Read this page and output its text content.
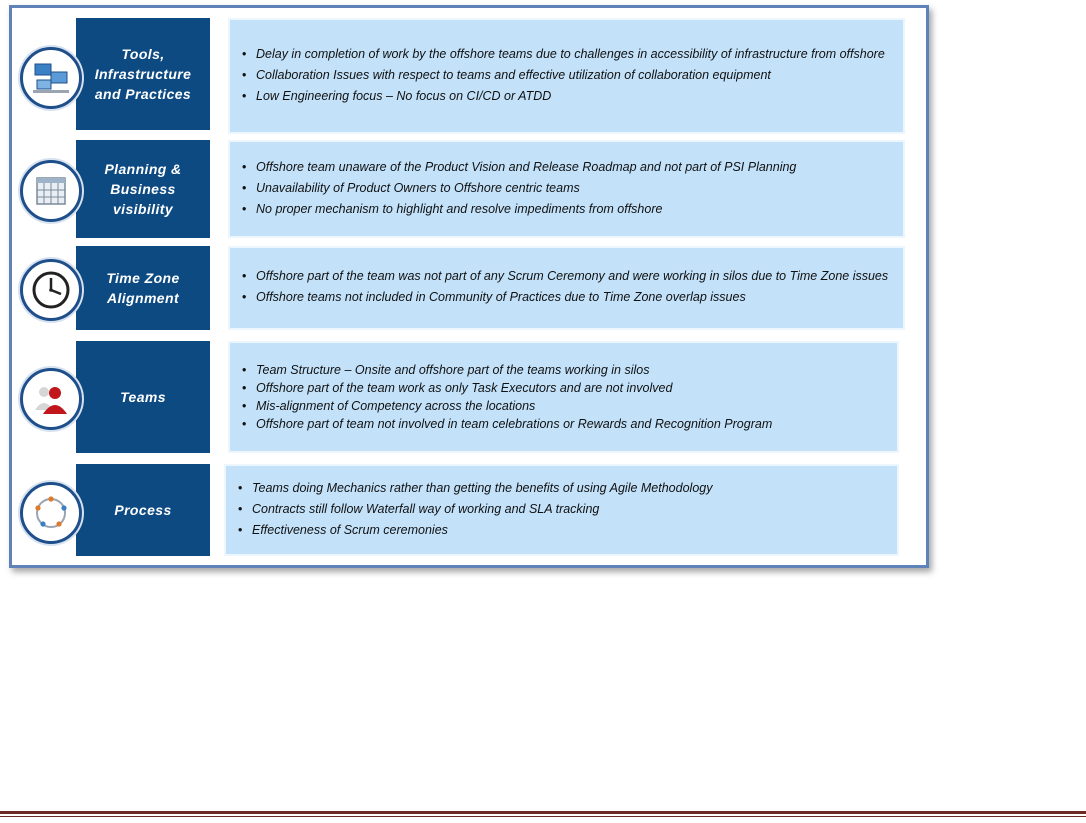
Tools,
Infrastructure
and Practices
• Delay in completion of work by the offshore teams due to challenges in accessibility of infrastructure from offshore
• Collaboration Issues with respect to teams and effective utilization of collaboration equipment
• Low Engineering focus – No focus on CI/CD or ATDD
Planning &
Business
visibility
• Offshore team unaware of the Product Vision and Release Roadmap and not part of PSI Planning
• Unavailability of Product Owners to Offshore centric teams
• No proper mechanism to highlight and resolve impediments from offshore
Time Zone
Alignment
• Offshore part of the team was not part of any Scrum Ceremony and were working in silos due to Time Zone issues
• Offshore teams not included in Community of Practices due to Time Zone overlap issues
Teams
• Team Structure – Onsite and offshore part of the teams working in silos
• Offshore part of the team work as only Task Executors and are not involved
• Mis-alignment of Competency across the locations
• Offshore part of team not involved in team celebrations or Rewards and Recognition Program
Process
• Teams doing Mechanics rather than getting the benefits of using Agile Methodology
• Contracts still follow Waterfall way of working and SLA tracking
• Effectiveness of Scrum ceremonies
